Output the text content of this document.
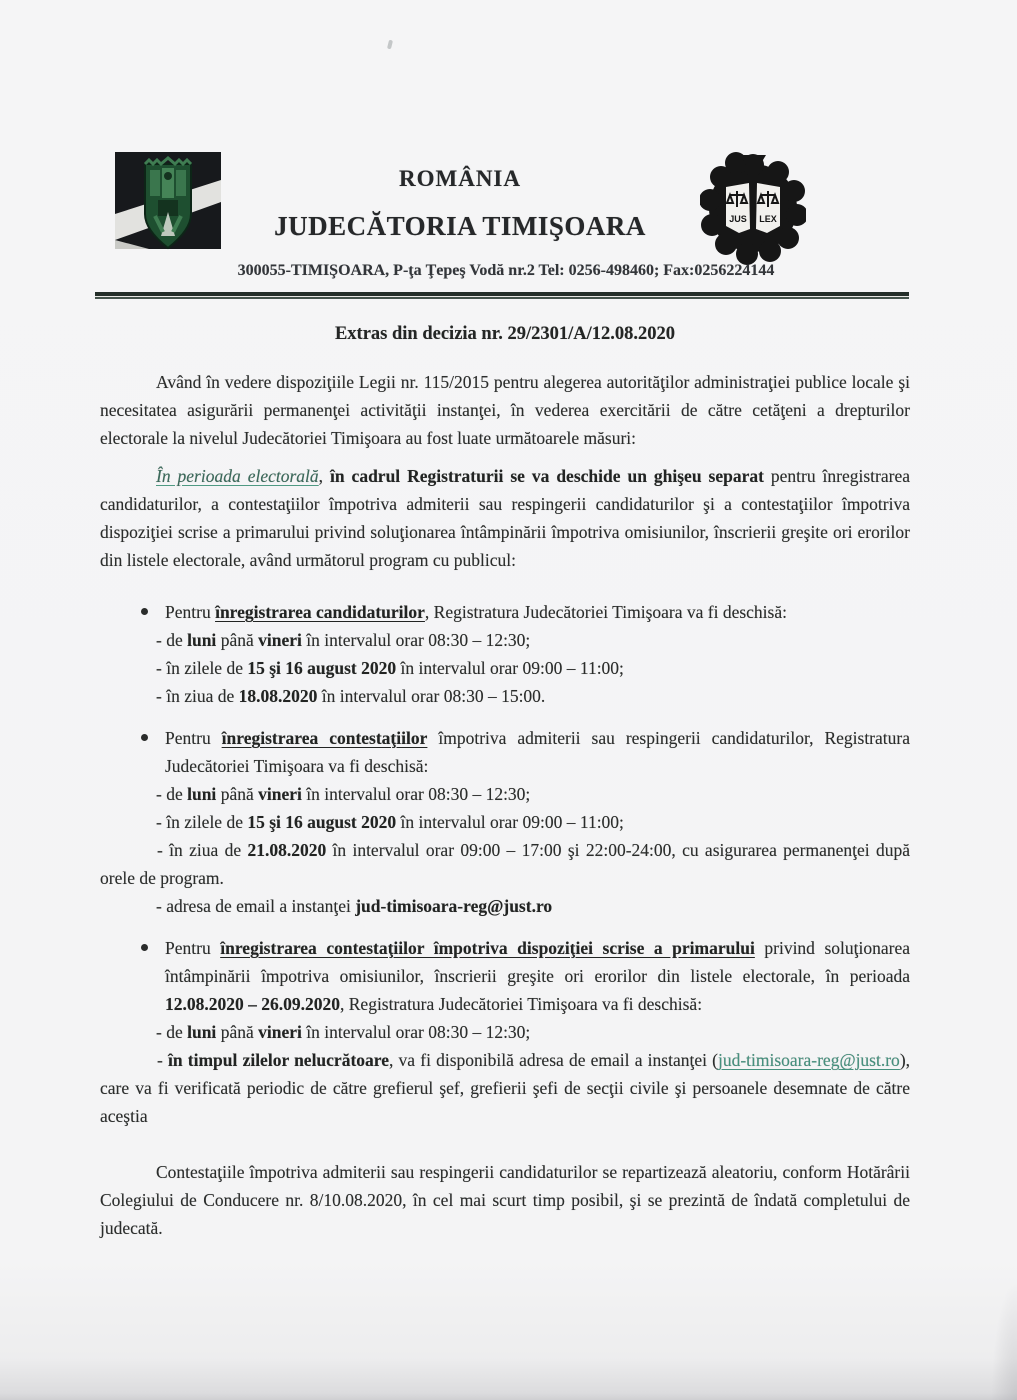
ROMÂNIA
JUDECĂTORIA TIMIŞOARA	JUS LEX
300055-TIMIŞOARA, P-ţa Ţepeş Vodă nr.2 Tel: 0256-498460; Fax:0256224144

Extras din decizia nr. 29/2301/A/12.08.2020

Având în vedere dispoziţiile Legii nr. 115/2015 pentru alegerea autorităţilor administraţiei publice locale şi necesitatea asigurării permanenţei activităţii instanţei, în vederea exercitării de către cetăţeni a drepturilor electorale la nivelul Judecătoriei Timişoara au fost luate următoarele măsuri:

În perioada electorală, în cadrul Registraturii se va deschide un ghişeu separat pentru înregistrarea candidaturilor, a contestaţiilor împotriva admiterii sau respingerii candidaturilor şi a contestaţiilor împotriva dispoziţiei scrise a primarului privind soluţionarea întâmpinării împotriva omisiunilor, înscrierii greşite ori erorilor din listele electorale, având următorul program cu publicul:

Pentru înregistrarea candidaturilor, Registratura Judecătoriei Timişoara va fi deschisă:

- de luni până vineri în intervalul orar 08:30 – 12:30;

- în zilele de 15 şi 16 august 2020 în intervalul orar 09:00 – 11:00;

- în ziua de 18.08.2020 în intervalul orar 08:30 – 15:00.

Pentru înregistrarea contestaţiilor împotriva admiterii sau respingerii candidaturilor, Registratura Judecătoriei Timişoara va fi deschisă:

- de luni până vineri în intervalul orar 08:30 – 12:30;

- în zilele de 15 şi 16 august 2020 în intervalul orar 09:00 – 11:00;

- în ziua de 21.08.2020 în intervalul orar 09:00 – 17:00 şi 22:00-24:00, cu asigurarea permanenţei după orele de program.

- adresa de email a instanţei jud-timisoara-reg@just.ro

Pentru înregistrarea contestaţiilor împotriva dispoziţiei scrise a primarului privind soluţionarea întâmpinării împotriva omisiunilor, înscrierii greşite ori erorilor din listele electorale, în perioada 12.08.2020 – 26.09.2020, Registratura Judecătoriei Timişoara va fi deschisă:

- de luni până vineri în intervalul orar 08:30 – 12:30;

- în timpul zilelor nelucrătoare, va fi disponibilă adresa de email a instanţei (jud-timisoara-reg@just.ro), care va fi verificată periodic de către grefierul şef, grefierii şefi de secţii civile şi persoanele desemnate de către aceştia

Contestaţiile împotriva admiterii sau respingerii candidaturilor se repartizează aleatoriu, conform Hotărârii Colegiului de Conducere nr. 8/10.08.2020, în cel mai scurt timp posibil, şi se prezintă de îndată completului de judecată.
